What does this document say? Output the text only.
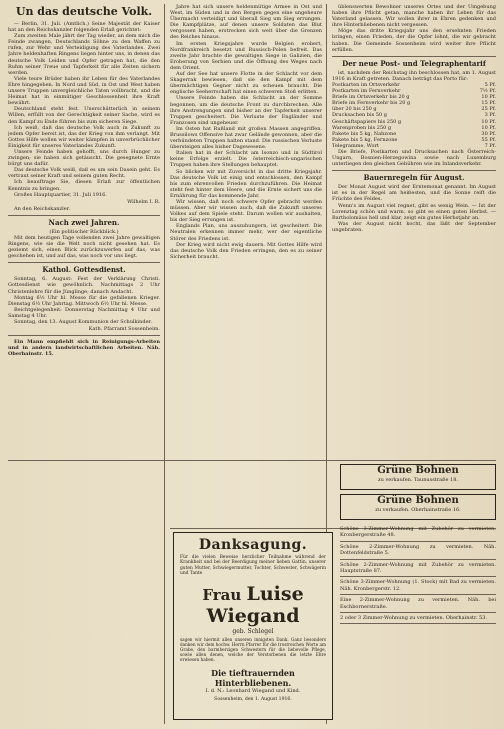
Un das deutsche Volk.

— Berlin, 31. Juli. (Amtlich.) Seine Majestät der Kaiser hat an den Reichskanzler folgenden Erlaß gerichtet:

Zum zweiten Male jährt der Tag wieder, an dem mich die Feinde zwangen, Deutschlands Söhne zu den Waffen zu rufen, zur Wehr und Verteidigung des Vaterlandes. Zwei Jahre heldenhaften Ringens liegen hinter uns, in denen das deutsche Volk Leiden und Opfer getragen hat, die den Ruhm seiner Treue und Tapferkeit für alle Zeiten sichern werden.

Viele teure Brüder haben ihr Leben für des Vaterlandes Ehre hingegeben. In Nord und Süd, in Ost und West haben unsere Truppen unvergleichliche Taten vollbracht, und die Heimat hat in einmütiger Geschlossenheit ihre Kraft bewährt.

Deutschland steht fest. Unerschütterlich in seinem Willen, erfüllt von der Gerechtigkeit seiner Sache, wird es den Kampf zu Ende führen bis zum sicheren Siege.

Ich weiß, daß das deutsche Volk auch in Zukunft zu jedem Opfer bereit ist, das der Krieg von ihm verlangt. Mit Gottes Hilfe wollen wir weiter kämpfen in unverbrüchlicher Einigkeit für unseres Vaterlandes Zukunft.

Unsere Feinde haben gehofft, uns durch Hunger zu zwingen; sie haben sich getäuscht. Die gesegnete Ernte bürgt uns dafür.

Das deutsche Volk weiß, daß es um sein Dasein geht. Es vertraut seiner Kraft und seinem guten Recht.

Ich beauftrage Sie, diesen Erlaß zur öffentlichen Kenntnis zu bringen.

Großes Hauptquartier, 31. Juli 1916.
Wilhelm I. R.
An den Reichskanzler.
Nach zwei Jahren.
(Ein politischer Rückblick.)

Mit dem heutigen Tage vollenden zwei Jahre gewaltigen Ringens, wie sie die Welt noch nicht gesehen hat. Es geziemt sich, einen Blick zurückzuwerfen auf das, was geschehen ist, und auf das, was noch vor uns liegt.

Kathol. Gottesdienst.

Sonntag, 6. August: Fest der Verklärung Christi. Gottesdienst wie gewöhnlich. Nachmittags 2 Uhr Christenlehre für die Jünglinge; danach Andacht.

Montag 6½ Uhr hl. Messe für die gefallenen Krieger. Dienstag 6½ Uhr Jahrtag. Mittwoch 6½ Uhr hl. Messe.

Beichtgelegenheit: Donnerstag Nachmittag 4 Uhr und Samstag 4 Uhr.

Sonntag, den 13. August Kommunion der Schulkinder.

Kath. Pfarramt Sossenheim.

Ein Mann empfiehlt sich in Reinigungs-Arbeiten und in andern landwirtschaftlichen Arbeiten. Näh. Oberhainstr. 15.

Jahre hat sich unsere heldenmütige Armee in Ost und West, im Süden und in den Bergen gegen eine ungeheure Übermacht verteidigt und überall Sieg um Sieg errungen. Die Kampfplätze, auf denen unsere Soldaten das Blut vergossen haben, erstrecken sich weit über die Grenzen des Reiches hinaus.

Im ersten Kriegsjahre wurde Belgien erobert, Nordfrankreich besetzt und Russisch-Polen befreit. Das zweite Jahr brachte die gewaltigen Siege in Galizien, die Eroberung von Serbien und die Öffnung des Weges nach dem Orient.

Auf der See hat unsere Flotte in der Schlacht vor dem Skagerrak bewiesen, daß sie den Kampf mit dem übermächtigen Gegner nicht zu scheuen braucht. Die englische Seeherrschaft hat einen schweren Stoß erlitten.

Unsere Feinde haben die Schlacht an der Somme begonnen, um die deutsche Front zu durchbrechen. Alle ihre Anstrengungen sind bisher an der Tapferkeit unserer Truppen gescheitert. Die Verluste der Engländer und Franzosen sind ungeheuer.

Im Osten hat Rußland mit großen Massen angegriffen. Brussilows Offensive hat zwar Gelände gewonnen, aber die verbündeten Truppen halten stand. Die russischen Verluste übersteigen alles bisher Dagewesene.

Italien hat in der Schlacht am Isonzo und in Südtirol keine Erfolge erzielt. Die österreichisch-ungarischen Truppen haben ihre Stellungen behauptet.

So blicken wir mit Zuversicht in das dritte Kriegsjahr. Das deutsche Volk ist einig und entschlossen, den Kampf bis zum ehrenvollen Frieden durchzuführen. Die Heimat steht fest hinter dem Heere, und die Ernte sichert uns die Ernährung für das kommende Jahr.

Wir wissen, daß noch schwere Opfer gebracht werden müssen. Aber wir wissen auch, daß die Zukunft unseres Volkes auf dem Spiele steht. Darum wollen wir aushalten, bis der Sieg errungen ist.

Englands Plan, uns auszuhungern, ist gescheitert. Die Neutralen erkennen immer mehr, wer der eigentliche Störer des Friedens ist.

Der Krieg wird nicht ewig dauern. Mit Gottes Hilfe wird das deutsche Volk den Frieden erringen, den es zu seiner Sicherheit braucht.

üblenswerten Bewohner unseres Ortes und der Umgebung haben ihre Pflicht getan, manche haben ihr Leben für das Vaterland gelassen. Wir wollen ihrer in Ehren gedenken und ihre Hinterbliebenen nicht vergessen.

Möge das dritte Kriegsjahr uns den ersehnten Frieden bringen, einen Frieden, der die Opfer lohnt, die wir gebracht haben. Die Gemeinde Sossenheim wird weiter ihre Pflicht erfüllen.

Der neue Post- und Telegraphentarif

ist, nachdem der Reichstag ihn beschlossen hat, am 1. August 1916 in Kraft getreten. Danach beträgt das Porto für:

Postkarten im Ortsverkehr	5 Pf.
Postkarten im Fernverkehr	7½ Pf.
Briefe im Ortsverkehr bis 20 g	10 Pf.
Briefe im Fernverkehr bis 20 g	15 Pf.
über 20 bis 250 g	25 Pf.
Drucksachen bis 50 g	3 Pf.
Geschäftspapiere bis 250 g	10 Pf.
Warenproben bis 250 g	10 Pf.
Pakete bis 5 kg, Nahzone	30 Pf.
Pakete bis 5 kg, Fernzone	55 Pf.
Telegramme, Wort	7 Pf.

Die Briefe, Postkarten und Drucksachen nach Österreich-Ungarn, Bosnien-Herzegowina sowie nach Luxemburg unterliegen den gleichen Gebühren wie im Inlandsverkehr.

Bauernregeln für August.

Der Monat August wird der Erntemonat genannt. Im August ist es in der Regel am heißesten, und die Sonne reift die Früchte des Feldes.

Wenn's im August viel regnet, gibt es wenig Wein. — Ist der Lorenztag schön und warm, so gibt es einen guten Herbst. — Bartholomäus hell und klar, zeigt ein gutes Herbstjahr an.

Was der August nicht kocht, das läßt der September ungebraten.

Danksagung.
Für die vielen Beweise herzlicher Teilnahme während der Krankheit und bei der Beerdigung meiner lieben Gattin, unserer guten Mutter, Schwiegermutter, Tochter, Schwester, Schwägerin und Tante
Frau Luise Wiegand
geb. Schlegel
sagen wir hiermit allen unseren innigsten Dank. Ganz besonders danken wir dem hochw. Herrn Pfarrer für die trostreichen Worte am Grabe, den barmherzigen Schwestern für die liebevolle Pflege, sowie allen denen, welche der Verstorbenen die letzte Ehre erwiesen haben.
Die tieftrauernden Hinterbliebenen.
I. d. N.: Leonhard Wiegand und Kind.
Sossenheim, den 1. August 1916.
Grüne Bohnen
zu verkaufen. Taunusstraße 18.
Grüne Bohnen
zu verkaufen. Oberhainstraße 16.
Schöne 3-Zimmer-Wohnung mit Zubehör zu vermieten. Kronbergerstraße 48.
Schöne 2-Zimmer-Wohnung zu vermieten. Näh. Dottenfeldstraße 5.
Schöne 2-Zimmer-Wohnung mit Zubehör zu vermieten. Hauptstraße 87.
Schöne 3-Zimmer-Wohnung (1. Stock) mit Bad zu vermieten. Näh. Kronbergerstr. 12.
Eine 2-Zimmer-Wohnung zu vermieten. Näh. bei Eschbornerstraße.
2 oder 3 Zimmer-Wohnung zu vermieten. Oberhainstr. 53.
